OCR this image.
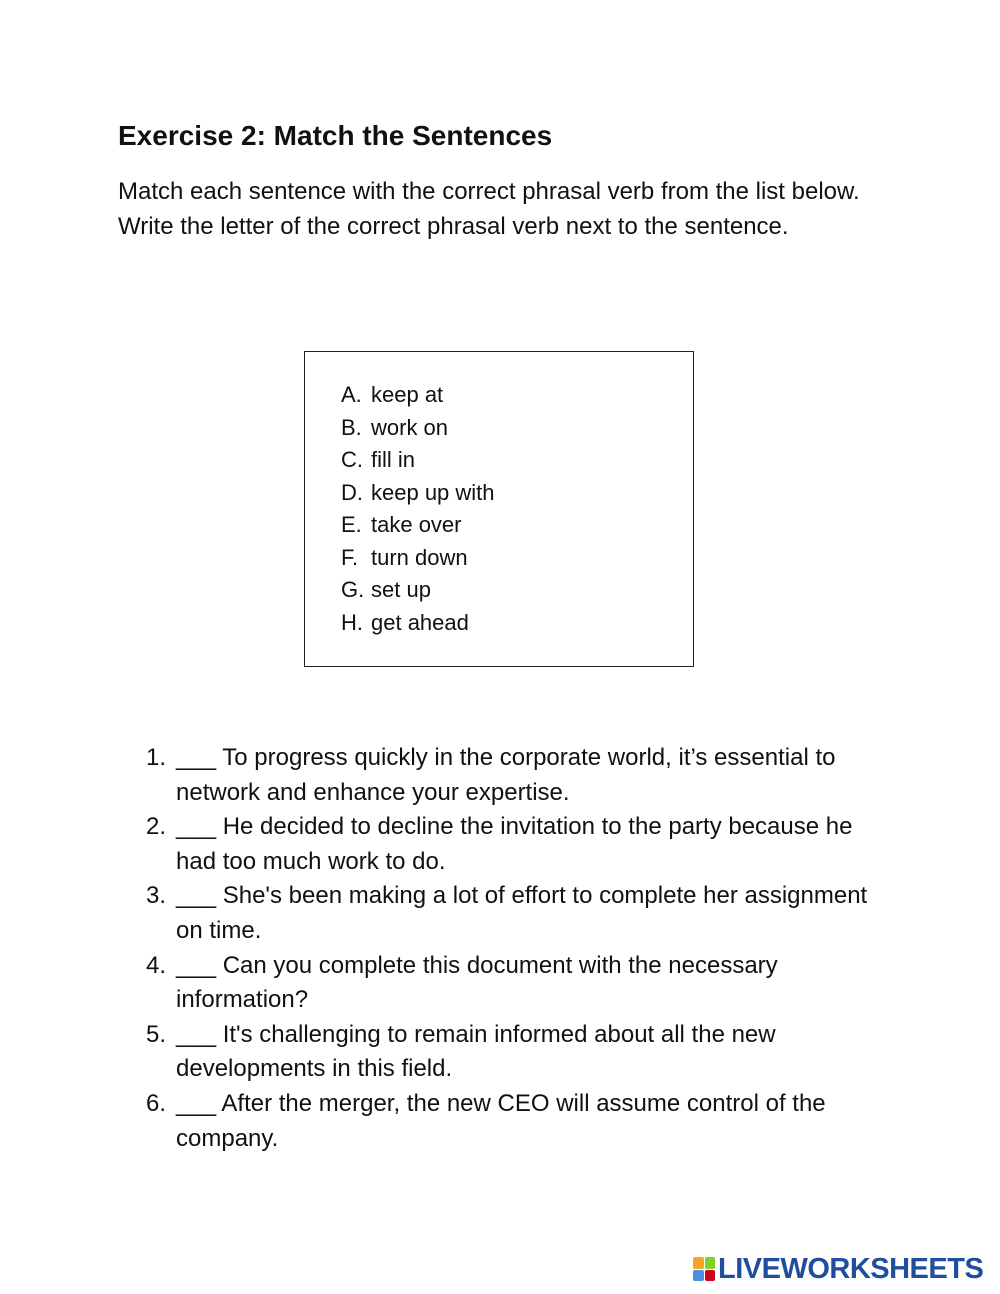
Exercise 2: Match the Sentences

Match each sentence with the correct phrasal verb from the list below. Write the letter of the correct phrasal verb next to the sentence.

A. keep at
B. work on
C. fill in
D. keep up with
E. take over
F. turn down
G. set up
H. get ahead
1. ___ To progress quickly in the corporate world, it’s essential to network and enhance your expertise.
2. ___ He decided to decline the invitation to the party because he had too much work to do.
3. ___ She's been making a lot of effort to complete her assignment on time.
4. ___ Can you complete this document with the necessary information?
5. ___ It's challenging to remain informed about all the new developments in this field.
6. ___ After the merger, the new CEO will assume control of the company.
LIVEWORKSHEETS
